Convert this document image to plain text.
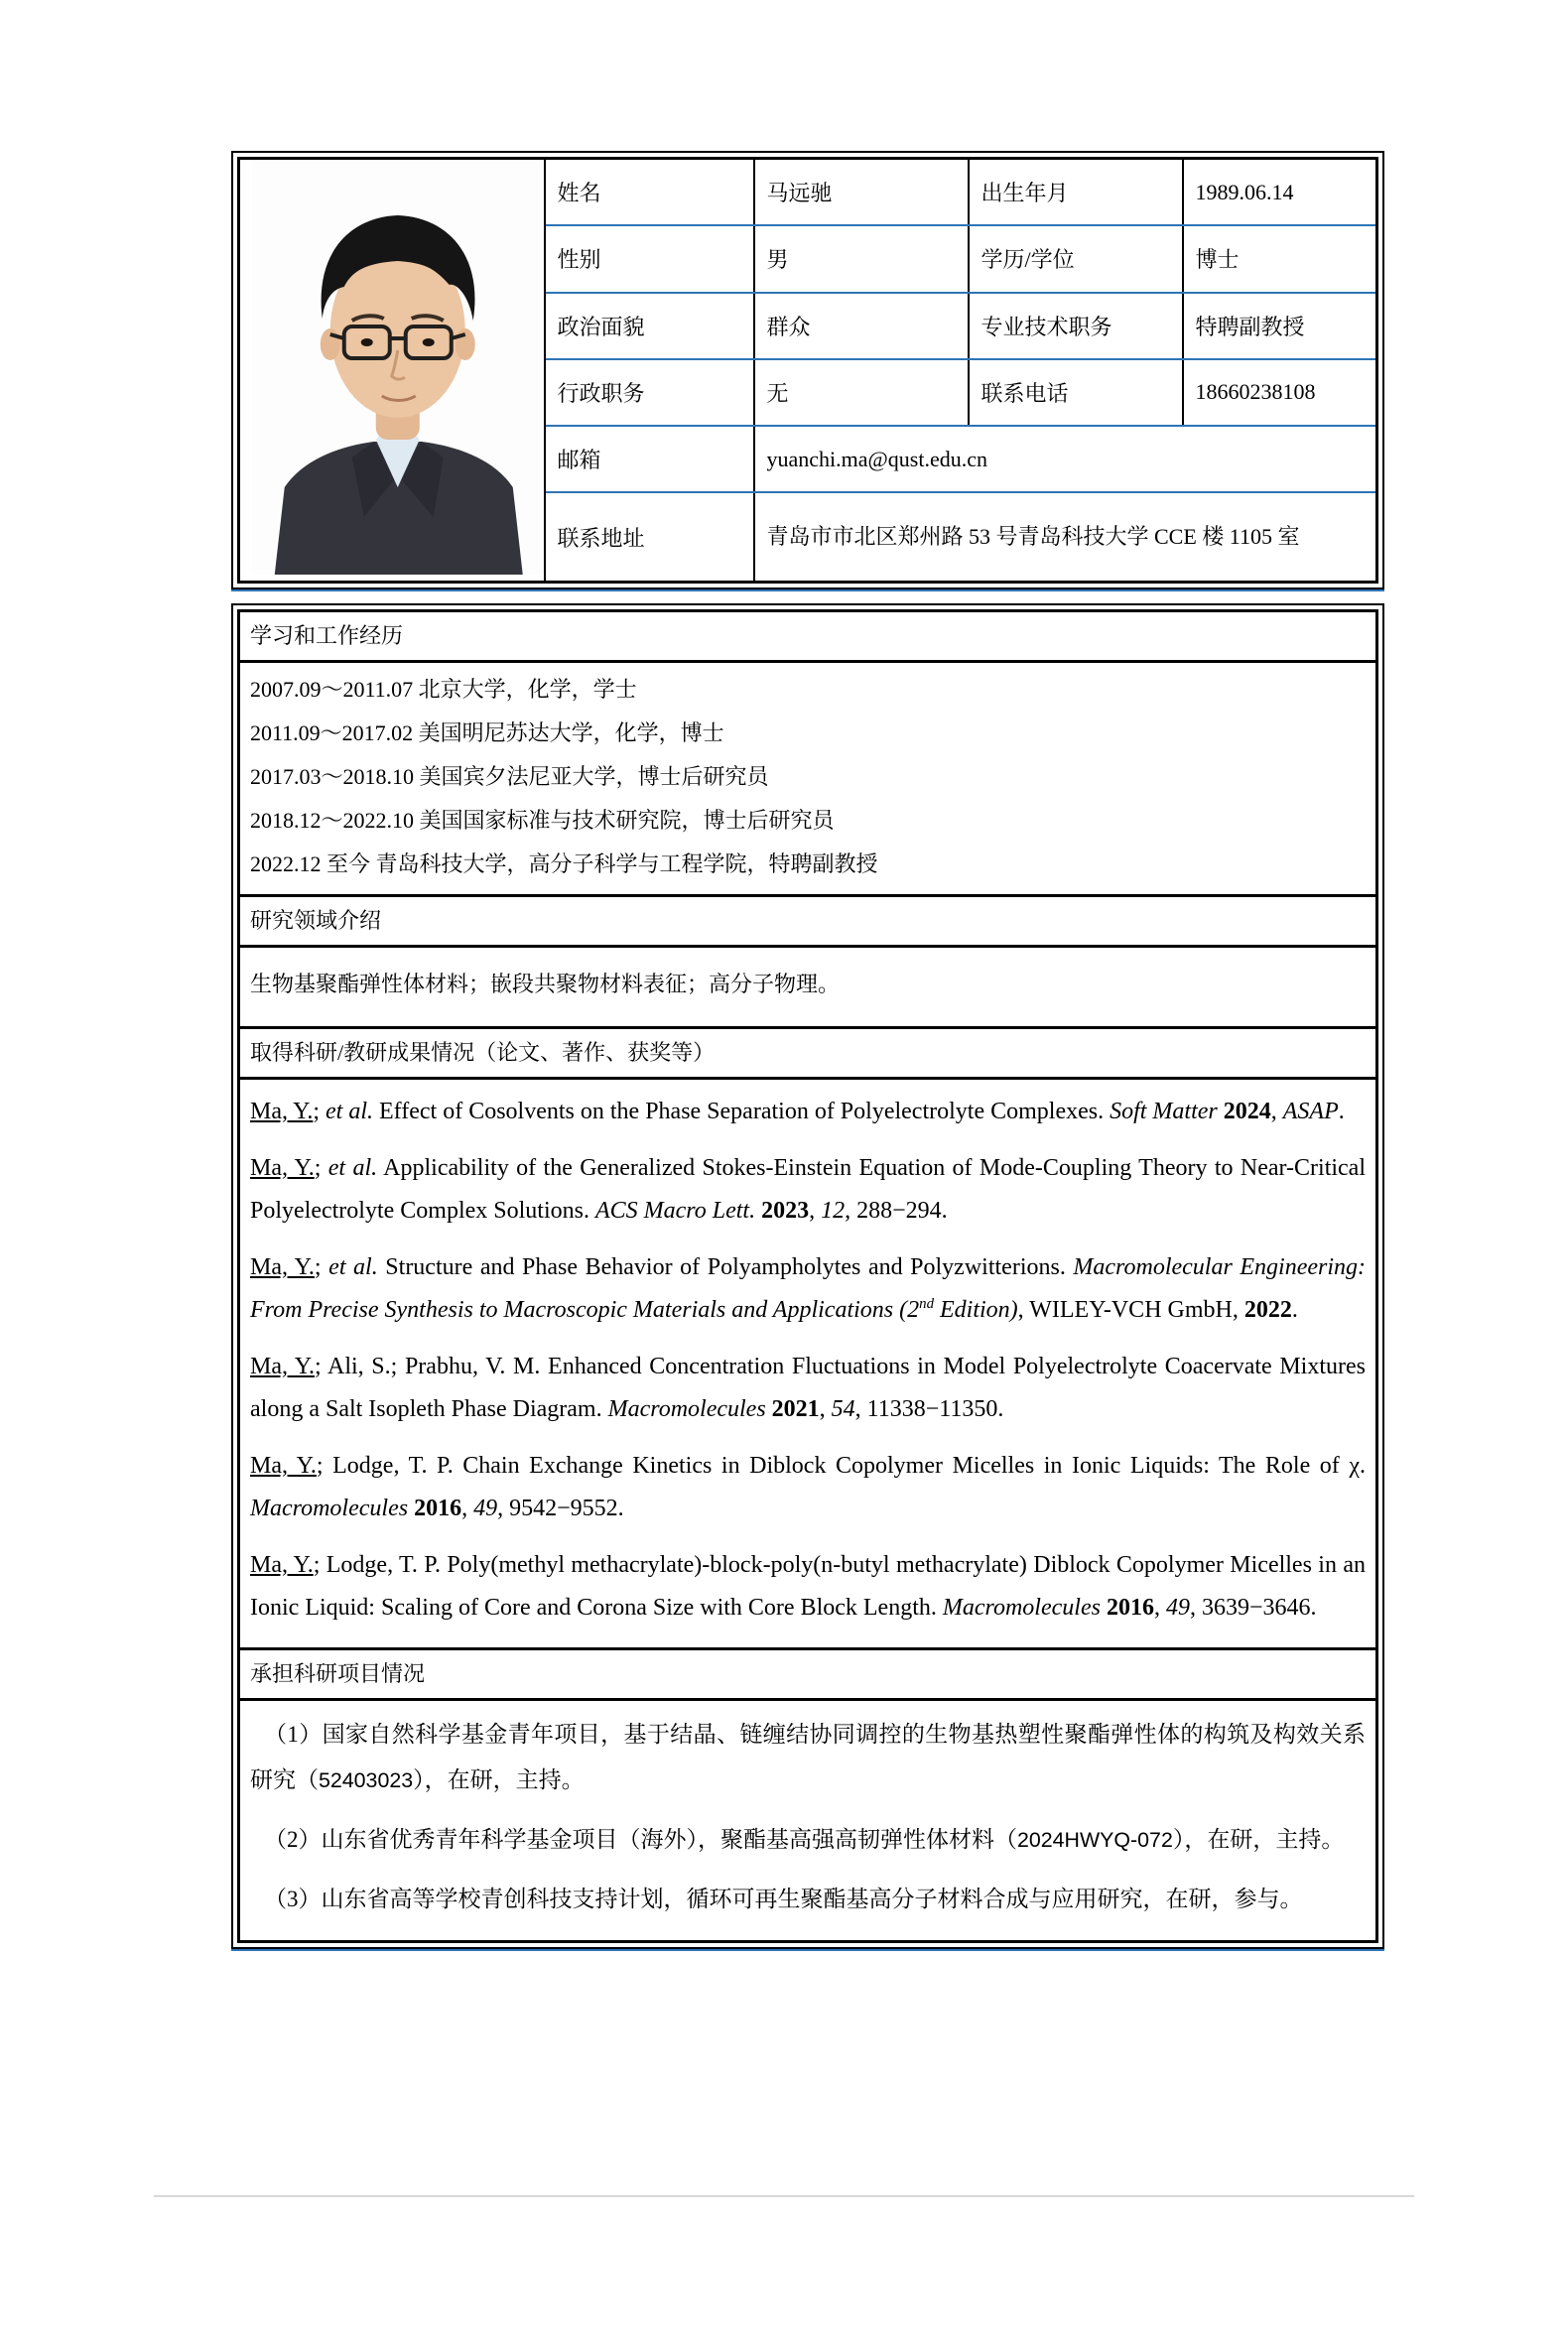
	姓名	马远驰	出生年月	1989.06.14
	性别	男	学历/学位	博士
	政治面貌	群众	专业技术职务	特聘副教授
	行政职务	无	联系电话	18660238108
	邮箱	yuanchi.ma@qust.edu.cn		
	联系地址	青岛市市北区郑州路 53 号青岛科技大学 CCE 楼 1105 室		
学习和工作经历
2007.09～2011.07 北京大学，化学，学士
2011.09～2017.02 美国明尼苏达大学，化学，博士
2017.03～2018.10 美国宾夕法尼亚大学，博士后研究员
2018.12～2022.10 美国国家标准与技术研究院，博士后研究员
2022.12 至今 青岛科技大学，高分子科学与工程学院，特聘副教授
研究领域介绍
生物基聚酯弹性体材料；嵌段共聚物材料表征；高分子物理。
取得科研/教研成果情况（论文、著作、获奖等）

Ma, Y.; et al. Effect of Cosolvents on the Phase Separation of Polyelectrolyte Complexes. Soft Matter 2024, ASAP.

Ma, Y.; et al. Applicability of the Generalized Stokes-Einstein Equation of Mode-Coupling Theory to Near-Critical Polyelectrolyte Complex Solutions. ACS Macro Lett. 2023, 12, 288−294.

Ma, Y.; et al. Structure and Phase Behavior of Polyampholytes and Polyzwitterions. Macromolecular Engineering: From Precise Synthesis to Macroscopic Materials and Applications (2nd Edition), WILEY-VCH GmbH, 2022.

Ma, Y.; Ali, S.; Prabhu, V. M. Enhanced Concentration Fluctuations in Model Polyelectrolyte Coacervate Mixtures along a Salt Isopleth Phase Diagram. Macromolecules 2021, 54, 11338−11350.

Ma, Y.; Lodge, T. P. Chain Exchange Kinetics in Diblock Copolymer Micelles in Ionic Liquids: The Role of χ. Macromolecules 2016, 49, 9542−9552.

Ma, Y.; Lodge, T. P. Poly(methyl methacrylate)-block-poly(n-butyl methacrylate) Diblock Copolymer Micelles in an Ionic Liquid: Scaling of Core and Corona Size with Core Block Length. Macromolecules 2016, 49, 3639−3646.

承担科研项目情况

（1）国家自然科学基金青年项目，基于结晶、链缠结协同调控的生物基热塑性聚酯弹性体的构筑及构效关系研究（52403023），在研，主持。

（2）山东省优秀青年科学基金项目（海外），聚酯基高强高韧弹性体材料（2024HWYQ-072），在研，主持。

（3）山东省高等学校青创科技支持计划，循环可再生聚酯基高分子材料合成与应用研究，在研，参与。
